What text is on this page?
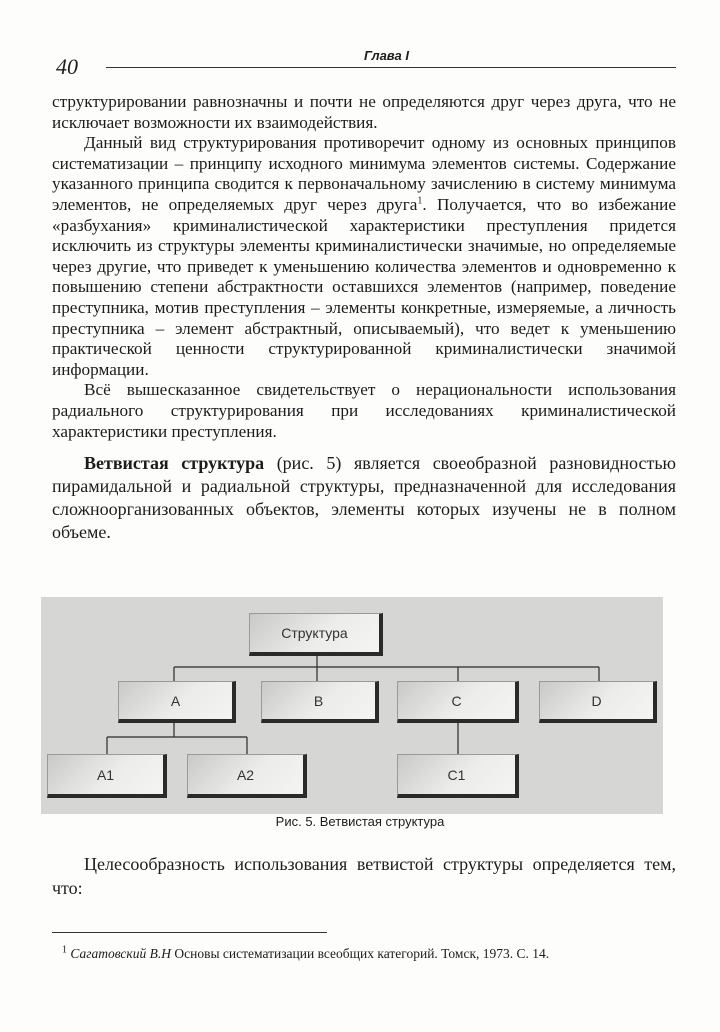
40	Глава I

структурировании равнозначны и почти не определяются друг через друга, что не исключает возможности их взаимодействия.

Данный вид структурирования противоречит одному из основных принципов систематизации – принципу исходного минимума элементов системы. Содержание указанного принципа сводится к первоначальному зачислению в систему минимума элементов, не определяемых друг через друга$^1$. Получается, что во избежание «разбухания» криминалистической характеристики преступления придется исключить из структуры элементы криминалистически значимые, но определяемые через другие, что приведет к уменьшению количества элементов и одновременно к повышению степени абстрактности оставшихся элементов (например, поведение преступника, мотив преступления – элементы конкретные, измеряемые, а личность преступника – элемент абстрактный, описываемый), что ведет к уменьшению практической ценности структурированной криминалистически значимой информации.

Всё вышесказанное свидетельствует о нерациональности использования радиального структурирования при исследованиях криминалистической характеристики преступления.

Ветвистая структура (рис. 5) является своеобразной разновидностью пирамидальной и радиальной структуры, предназначенной для исследования сложноорганизованных объектов, элементы которых изучены не в полном объеме.

Структура
A	B	C	D
A1	A2	C1
Рис. 5. Ветвистая структура
Целесообразность использования ветвистой структуры определяется тем, что:
$^1$ Сагатовский В.Н Основы систематизации всеобщих категорий. Томск, 1973. С. 14.
